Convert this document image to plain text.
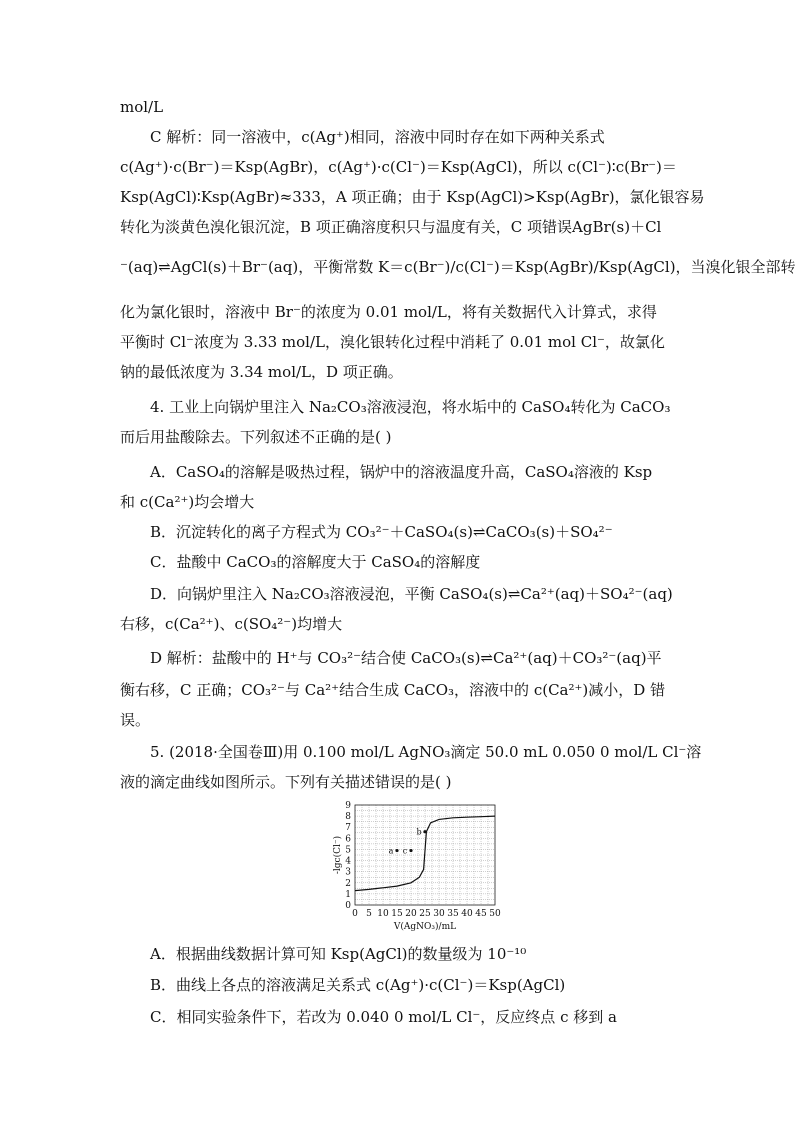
mol/L
C 解析：同一溶液中，c(Ag⁺)相同，溶液中同时存在如下两种关系式
c(Ag⁺)·c(Br⁻)＝Ksp(AgBr)，c(Ag⁺)·c(Cl⁻)＝Ksp(AgCl)，所以 c(Cl⁻)∶c(Br⁻)＝
Ksp(AgCl)∶Ksp(AgBr)≈333，A 项正确；由于 Ksp(AgCl)>Ksp(AgBr)，氯化银容易
转化为淡黄色溴化银沉淀，B 项正确溶度积只与温度有关，C 项错误AgBr(s)＋Cl
⁻(aq)⇌AgCl(s)＋Br⁻(aq)，平衡常数 K＝c(Br⁻)/c(Cl⁻)＝Ksp(AgBr)/Ksp(AgCl)，当溴化银全部转
化为氯化银时，溶液中 Br⁻的浓度为 0.01 mol/L，将有关数据代入计算式，求得
平衡时 Cl⁻浓度为 3.33 mol/L，溴化银转化过程中消耗了 0.01 mol Cl⁻，故氯化
钠的最低浓度为 3.34 mol/L，D 项正确。
4. 工业上向锅炉里注入 Na₂CO₃溶液浸泡，将水垢中的 CaSO₄转化为 CaCO₃
而后用盐酸除去。下列叙述不正确的是( )
A．CaSO₄的溶解是吸热过程，锅炉中的溶液温度升高，CaSO₄溶液的 Ksp
和 c(Ca²⁺)均会增大
B．沉淀转化的离子方程式为 CO₃²⁻＋CaSO₄(s)⇌CaCO₃(s)＋SO₄²⁻
C．盐酸中 CaCO₃的溶解度大于 CaSO₄的溶解度
D．向锅炉里注入 Na₂CO₃溶液浸泡，平衡 CaSO₄(s)⇌Ca²⁺(aq)＋SO₄²⁻(aq)
右移，c(Ca²⁺)、c(SO₄²⁻)均增大
D 解析：盐酸中的 H⁺与 CO₃²⁻结合使 CaCO₃(s)⇌Ca²⁺(aq)＋CO₃²⁻(aq)平
衡右移，C 正确；CO₃²⁻与 Ca²⁺结合生成 CaCO₃，溶液中的 c(Ca²⁺)减小，D 错
误。
5. (2018·全国卷Ⅲ)用 0.100 mol/L AgNO₃滴定 50.0 mL 0.050 0 mol/L Cl⁻溶
液的滴定曲线如图所示。下列有关描述错误的是( )
0 5 10 15 20 25 30 35 40 45 50
0
1
2
3
4
5
6
7
8
9
V(AgNO₃)/mL
-lgc(Cl⁻)	a
b
c
A．根据曲线数据计算可知 Ksp(AgCl)的数量级为 10⁻¹⁰
B．曲线上各点的溶液满足关系式 c(Ag⁺)·c(Cl⁻)＝Ksp(AgCl)
C．相同实验条件下，若改为 0.040 0 mol/L Cl⁻，反应终点 c 移到 a
